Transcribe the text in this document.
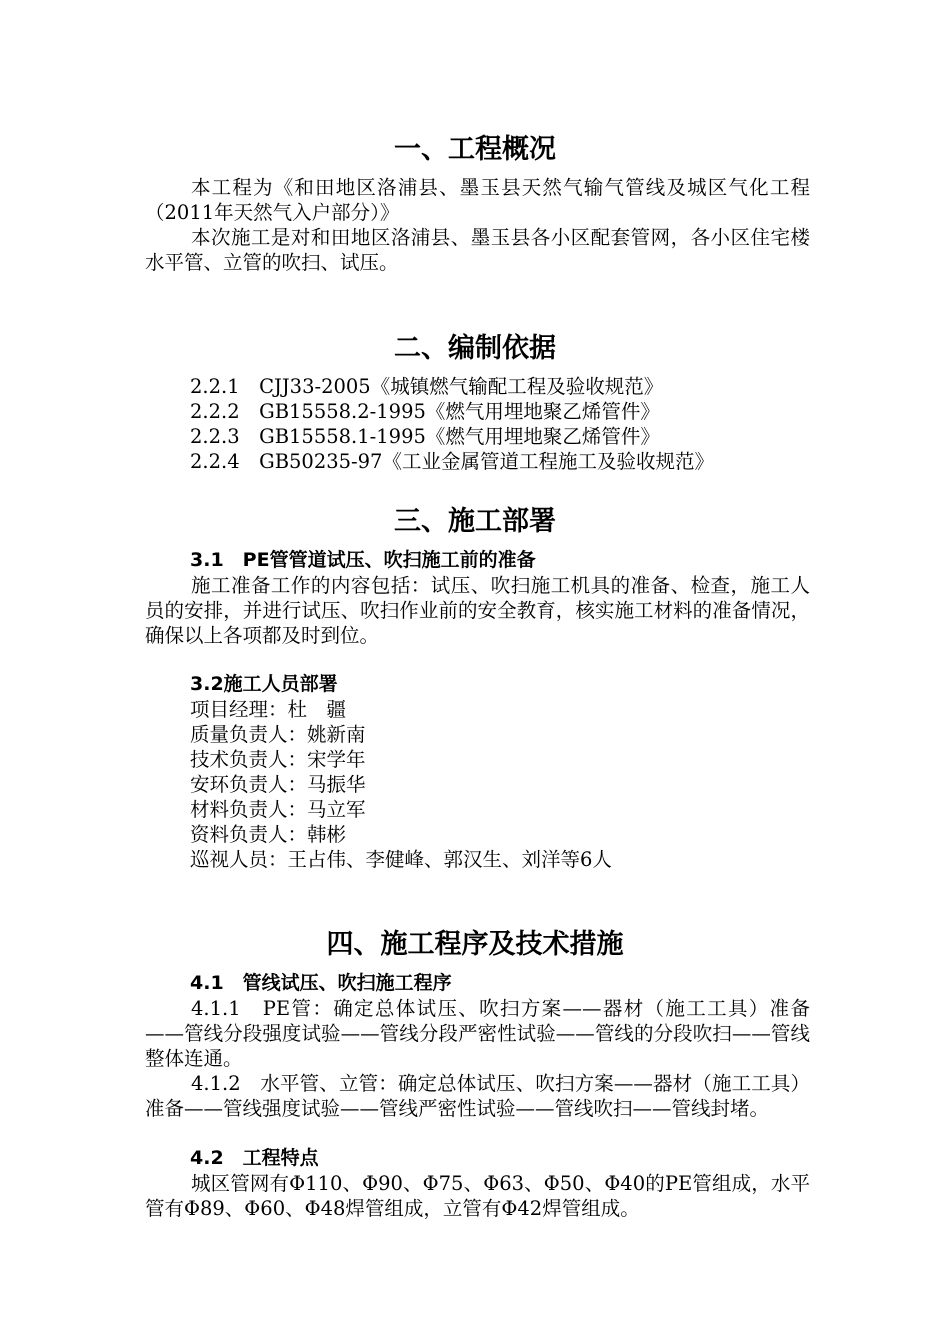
一、工程概况

本工程为《和田地区洛浦县、墨玉县天然气输气管线及城区气化工程（2011年天然气入户部分）》

本次施工是对和田地区洛浦县、墨玉县各小区配套管网，各小区住宅楼水平管、立管的吹扫、试压。

二、编制依据

2.2.1　CJJ33-2005《城镇燃气输配工程及验收规范》

2.2.2　GB15558.2-1995《燃气用埋地聚乙烯管件》

2.2.3　GB15558.1-1995《燃气用埋地聚乙烯管件》

2.2.4　GB50235-97《工业金属管道工程施工及验收规范》

三、施工部署

3.1　PE管管道试压、吹扫施工前的准备

施工准备工作的内容包括：试压、吹扫施工机具的准备、检查，施工人员的安排，并进行试压、吹扫作业前的安全教育，核实施工材料的准备情况，确保以上各项都及时到位。

3.2施工人员部署

项目经理：杜　疆

质量负责人：姚新南

技术负责人：宋学年

安环负责人：马振华

材料负责人：马立军

资料负责人：韩彬

巡视人员：王占伟、李健峰、郭汉生、刘洋等6人

四、施工程序及技术措施

4.1　管线试压、吹扫施工程序

4.1.1　PE管：确定总体试压、吹扫方案——器材（施工工具）准备——管线分段强度试验——管线分段严密性试验——管线的分段吹扫——管线整体连通。

4.1.2　水平管、立管：确定总体试压、吹扫方案——器材（施工工具）准备——管线强度试验——管线严密性试验——管线吹扫——管线封堵。

4.2　工程特点

城区管网有Φ110、Φ90、Φ75、Φ63、Φ50、Φ40的PE管组成，水平管有Φ89、Φ60、Φ48焊管组成，立管有Φ42焊管组成。
